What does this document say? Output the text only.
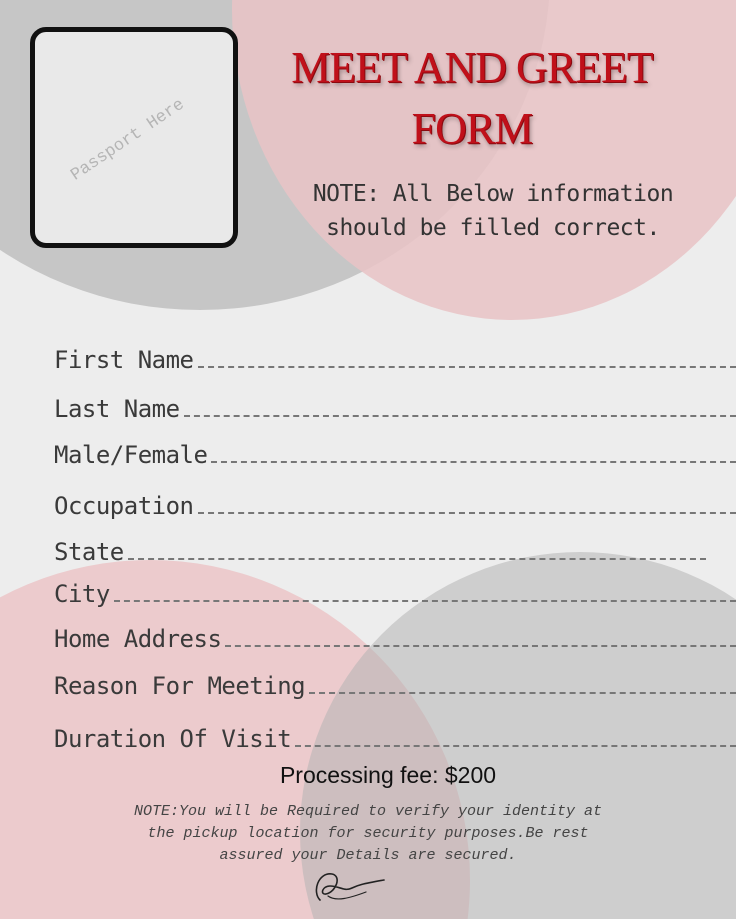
Passport Here
MEET AND GREET
FORM
NOTE: All Below information
should be filled correct.
First Name
Last Name
Male/Female
Occupation
State
City
Home Address
Reason For Meeting
Duration Of Visit
Processing fee: $200
NOTE:You will be Required to verify your identity at
the pickup location for security purposes.Be rest
assured your Details are secured.
